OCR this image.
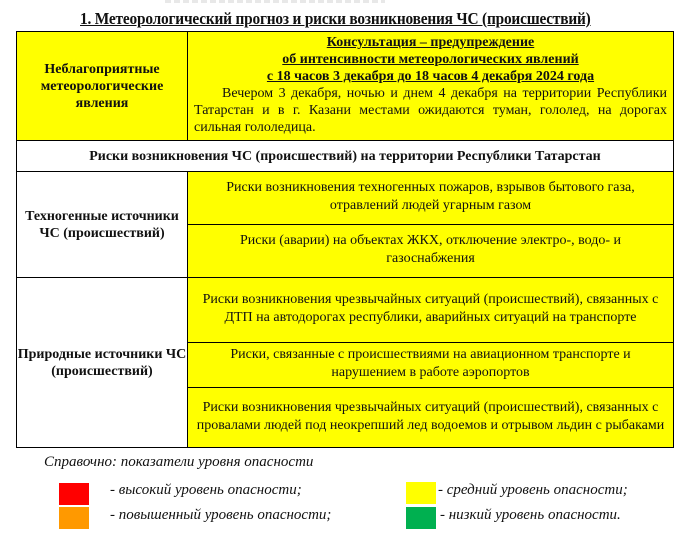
1. Метеорологический прогноз и риски возникновения ЧС (происшествий)
Неблагоприятные метеорологические явления	Консультация – предупреждение
об интенсивности метеорологических явлений
с 18 часов 3 декабря до 18 часов 4 декабря 2024 года
Вечером 3 декабря, ночью и днем 4 декабря на территории Республики Татарстан и в г. Казани местами ожидаются туман, гололед, на дорогах сильная гололедица.

Риски возникновения ЧС (происшествий) на территории Республики Татарстан	
Техногенные источники ЧС (происшествий)	Риски возникновения техногенных пожаров, взрывов бытового газа, отравлений людей угарным газом
	Риски (аварии) на объектах ЖКХ, отключение электро-, водо- и газоснабжения
Природные источники ЧС (происшествий)	Риски возникновения чрезвычайных ситуаций (происшествий), связанных с ДТП на автодорогах республики, аварийных ситуаций на транспорте
	Риски, связанные с происшествиями на авиационном транспорте и нарушением в работе аэропортов
	Риски возникновения чрезвычайных ситуаций (происшествий), связанных с провалами людей под неокрепший лед водоемов и отрывом льдин с рыбаками
Справочно: показатели уровня опасности
- высокий уровень опасности;
- повышенный уровень опасности;
- средний уровень опасности;
- низкий уровень опасности.
